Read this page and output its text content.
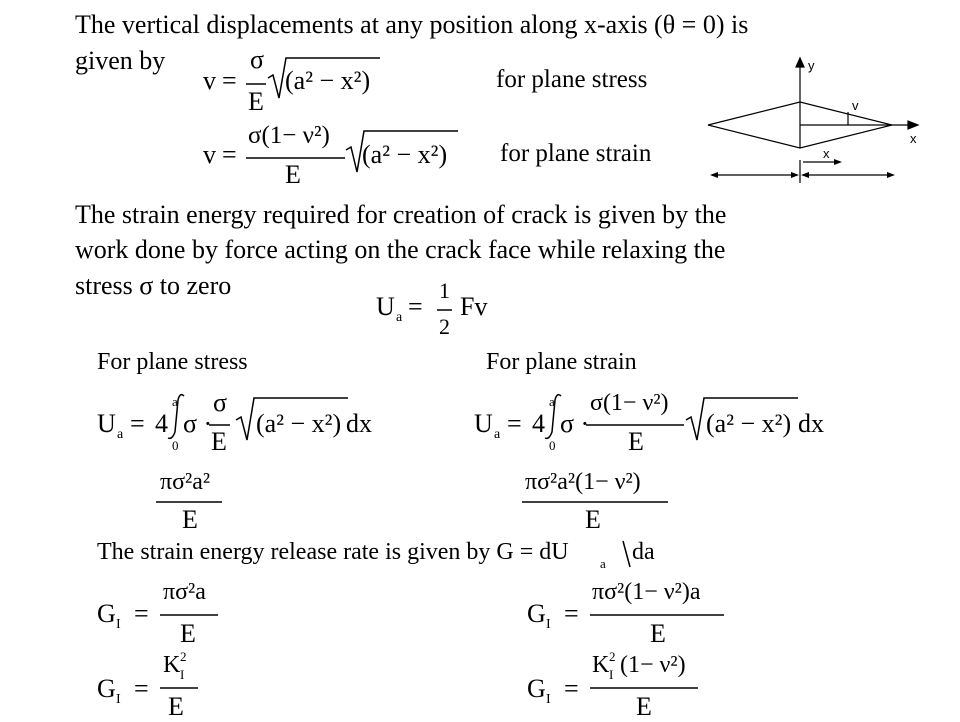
The vertical displacements at any position along x-axis (θ = 0) is
given by
v =
σ
E
(a² − x²)	for plane stress
v =
σ(1− ν²)
E
(a² − x²) for plane strain
The strain energy required for creation of crack is given by the
work done by force acting on the crack face while relaxing the
stress σ to zero
U a =
1
2
Fv
For plane stress	For plane strain
U a = 4
a
0
σ ·
σ
E
(a² − x²) dx	U a = 4
a
0
σ ·
σ(1− ν²)
E
(a² − x²) dx
πσ²a²
E
πσ²a²(1− ν²)
E
The strain energy release rate is given by G = dU a da
G I =
πσ²a
E
G I =
πσ²(1− ν²)a
E
G I =
K I
2
E
G I =
K I
2 (1− ν²)
E
y
x
v
x
